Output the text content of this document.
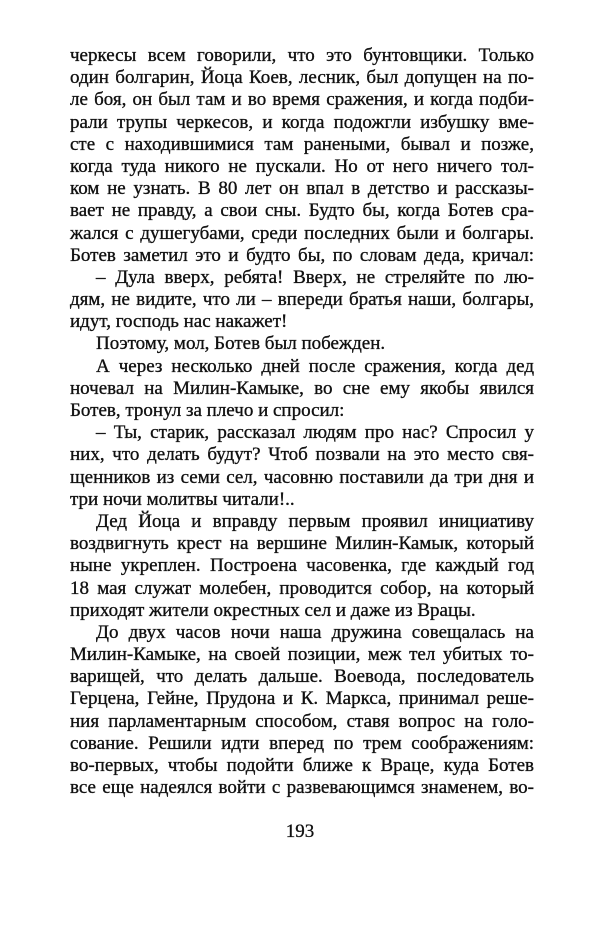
черкесы всем говорили, что это бунтовщики. Только
один болгарин, Йоца Коев, лесник, был допущен на по-
ле боя, он был там и во время сражения, и когда подби-
рали трупы черкесов, и когда подожгли избушку вме-
сте с находившимися там ранеными, бывал и позже,
когда туда никого не пускали. Но от него ничего тол-
ком не узнать. В 80 лет он впал в детство и рассказы-
вает не правду, а свои сны. Будто бы, когда Ботев сра-
жался с душегубами, среди последних были и болгары.
Ботев заметил это и будто бы, по словам деда, кричал:
– Дула вверх, ребята! Вверх, не стреляйте по лю-
дям, не видите, что ли – впереди братья наши, болгары,
идут, господь нас накажет!
Поэтому, мол, Ботев был побежден.
А через несколько дней после сражения, когда дед
ночевал на Милин-Камыке, во сне ему якобы явился
Ботев, тронул за плечо и спросил:
– Ты, старик, рассказал людям про нас? Спросил у
них, что делать будут? Чтоб позвали на это место свя-
щенников из семи сел, часовню поставили да три дня и
три ночи молитвы читали!..
Дед Йоца и вправду первым проявил инициативу
воздвигнуть крест на вершине Милин-Камык, который
ныне укреплен. Построена часовенка, где каждый год
18 мая служат молебен, проводится собор, на который
приходят жители окрестных сел и даже из Врацы.
До двух часов ночи наша дружина совещалась на
Милин-Камыке, на своей позиции, меж тел убитых то-
варищей, что делать дальше. Воевода, последователь
Герцена, Гейне, Прудона и К. Маркса, принимал реше-
ния парламентарным способом, ставя вопрос на голо-
сование. Решили идти вперед по трем соображениям:
во-первых, чтобы подойти ближе к Враце, куда Ботев
все еще надеялся войти с развевающимся знаменем, во-
193
